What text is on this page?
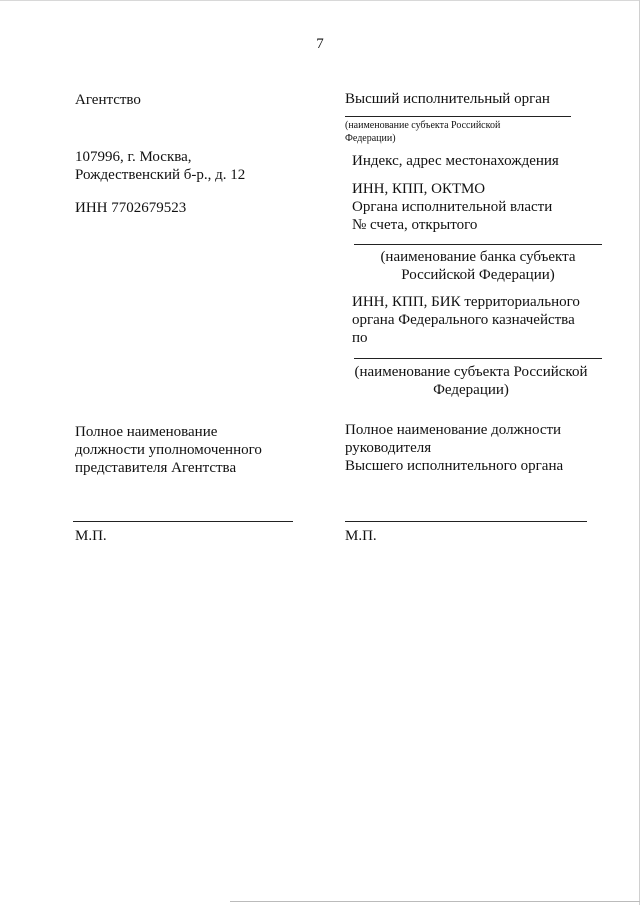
7
Агентство
107996, г. Москва,
Рождественский б-р., д. 12
ИНН 7702679523
Полное наименование
должности уполномоченного
представителя Агентства
М.П.
Высший исполнительный орган
(наименование субъекта Российской
Федерации)
Индекс, адрес местонахождения
ИНН, КПП, ОКТМО
Органа исполнительной власти
№ счета, открытого
(наименование банка субъекта
Российской Федерации)
ИНН, КПП, БИК территориального
органа Федерального казначейства
по
(наименование субъекта Российской
Федерации)
Полное наименование должности
руководителя
Высшего исполнительного органа
М.П.
